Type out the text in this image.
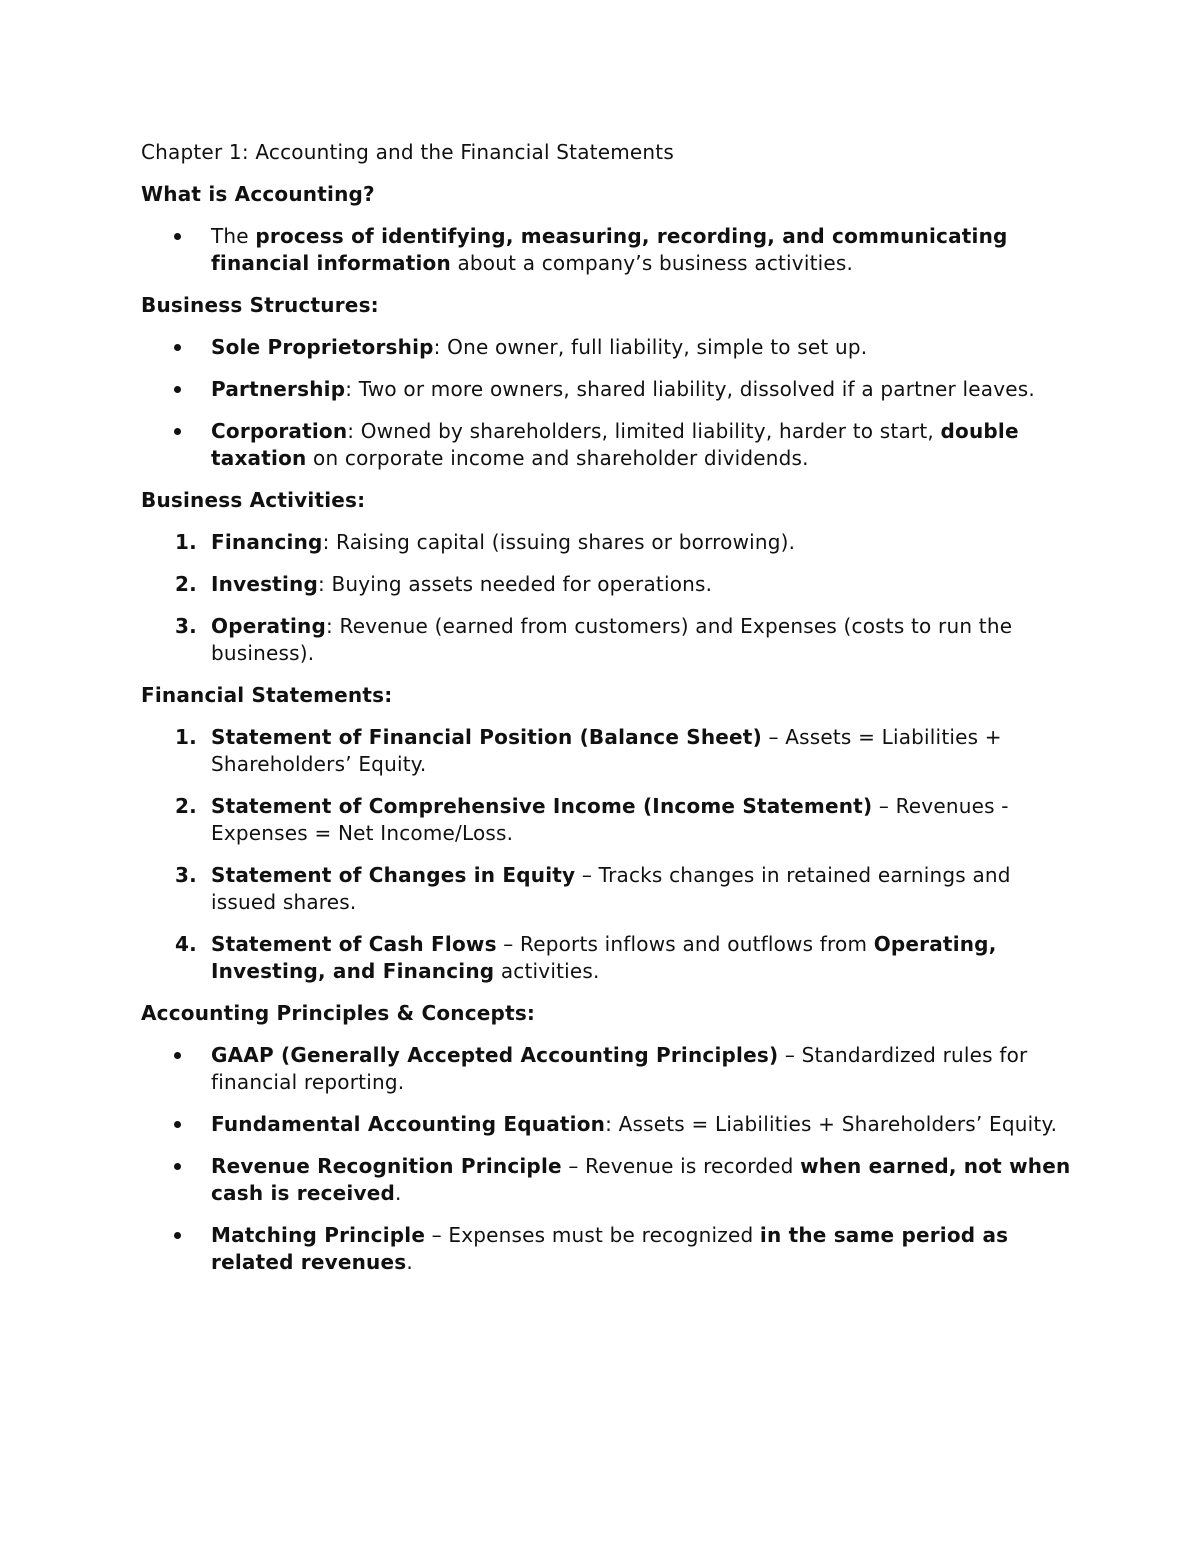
Chapter 1: Accounting and the Financial Statements
What is Accounting?
The process of identifying, measuring, recording, and communicating financial information about a company’s business activities.
Business Structures:
Sole Proprietorship: One owner, full liability, simple to set up.
Partnership: Two or more owners, shared liability, dissolved if a partner leaves.
Corporation: Owned by shareholders, limited liability, harder to start, double taxation on corporate income and shareholder dividends.
Business Activities:
1. Financing: Raising capital (issuing shares or borrowing).
2. Investing: Buying assets needed for operations.
3. Operating: Revenue (earned from customers) and Expenses (costs to run the business).
Financial Statements:
1. Statement of Financial Position (Balance Sheet) – Assets = Liabilities + Shareholders’ Equity.
2. Statement of Comprehensive Income (Income Statement) – Revenues - Expenses = Net Income/Loss.
3. Statement of Changes in Equity – Tracks changes in retained earnings and issued shares.
4. Statement of Cash Flows – Reports inflows and outflows from Operating, Investing, and Financing activities.
Accounting Principles & Concepts:
GAAP (Generally Accepted Accounting Principles) – Standardized rules for financial reporting.
Fundamental Accounting Equation: Assets = Liabilities + Shareholders’ Equity.
Revenue Recognition Principle – Revenue is recorded when earned, not when cash is received.
Matching Principle – Expenses must be recognized in the same period as related revenues.
